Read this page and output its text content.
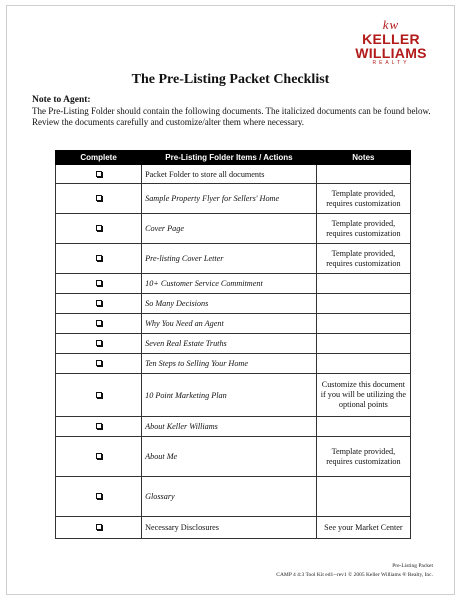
kw
KELLER
WILLIAMS
REALTY
The Pre-Listing Packet Checklist
Note to Agent:
The Pre-Listing Folder should contain the following documents. The italicized documents can be found below. Review the documents carefully and customize/alter them where necessary.
Complete	Pre-Listing Folder Items / Actions	Notes
	Packet Folder to store all documents	
	Sample Property Flyer for Sellers' Home	Template provided, requires customization
	Cover Page	Template provided, requires customization
	Pre-listing Cover Letter	Template provided, requires customization
	10+ Customer Service Commitment	
	So Many Decisions	
	Why You Need an Agent	
	Seven Real Estate Truths	
	Ten Steps to Selling Your Home	
	10 Point Marketing Plan	Customize this document if you will be utilizing the optional points
	About Keller Williams	
	About Me	Template provided, requires customization
	Glossary	
	Necessary Disclosures	See your Market Center
Pre-Listing Packet
CAMP 4 4:3 Tool Kit ed1--rev1 © 2005 Keller Williams ® Realty, Inc.
